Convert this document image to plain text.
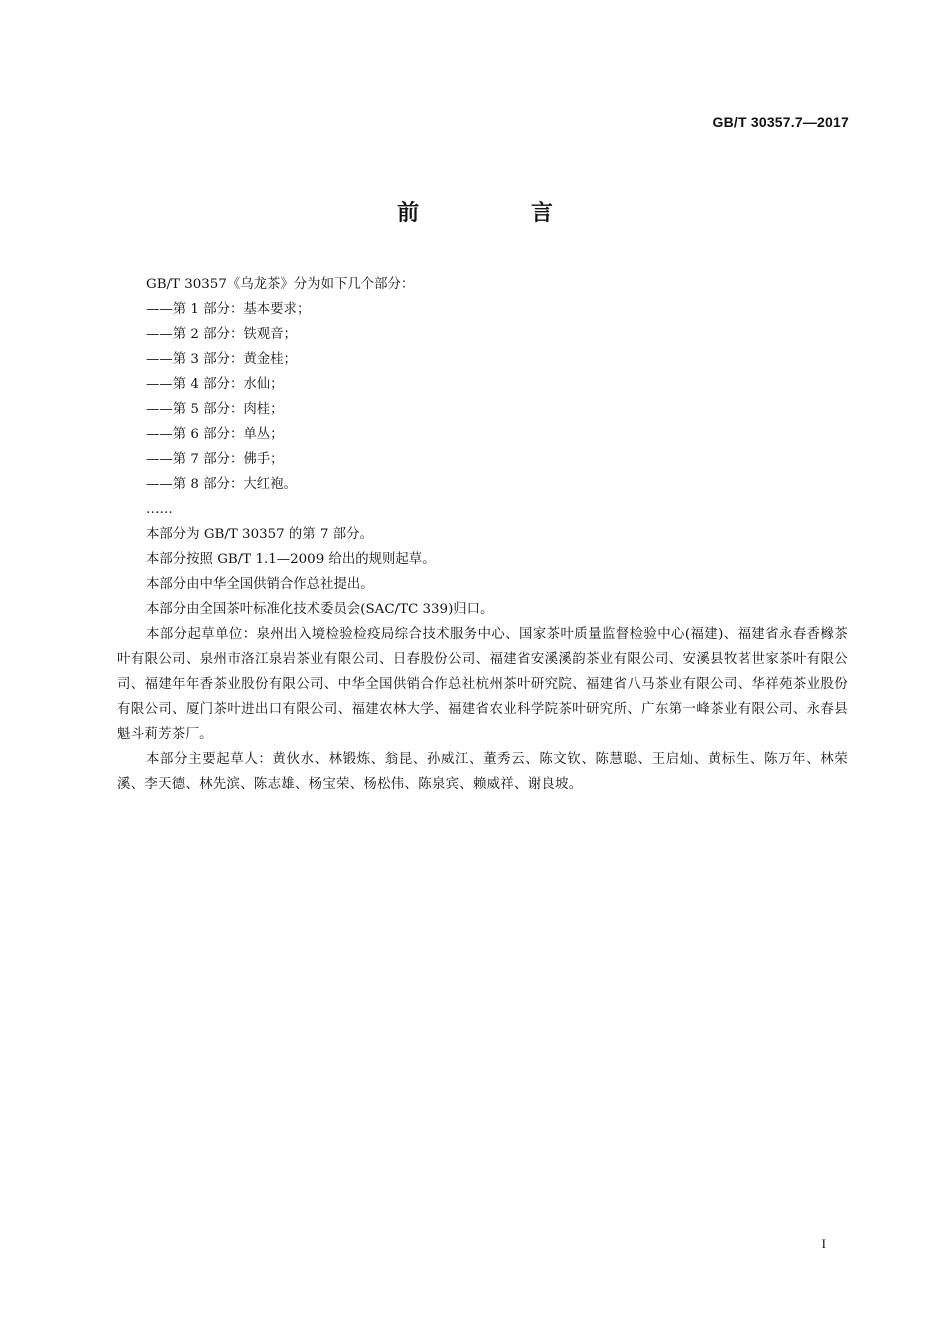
GB/T 30357.7—2017
前 言

GB/T 30357《乌龙茶》分为如下几个部分：

——第 1 部分：基本要求；

——第 2 部分：铁观音；

——第 3 部分：黄金桂；

——第 4 部分：水仙；

——第 5 部分：肉桂；

——第 6 部分：单丛；

——第 7 部分：佛手；

——第 8 部分：大红袍。

……

本部分为 GB/T 30357 的第 7 部分。

本部分按照 GB/T 1.1—2009 给出的规则起草。

本部分由中华全国供销合作总社提出。

本部分由全国茶叶标准化技术委员会(SAC/TC 339)归口。

本部分起草单位：泉州出入境检验检疫局综合技术服务中心、国家茶叶质量监督检验中心(福建)、福建省永春香橼茶叶有限公司、泉州市洛江泉岩茶业有限公司、日春股份公司、福建省安溪溪韵茶业有限公司、安溪县牧茗世家茶叶有限公司、福建年年香茶业股份有限公司、中华全国供销合作总社杭州茶叶研究院、福建省八马茶业有限公司、华祥苑茶业股份有限公司、厦门茶叶进出口有限公司、福建农林大学、福建省农业科学院茶叶研究所、广东第一峰茶业有限公司、永春县魁斗莉芳茶厂。

本部分主要起草人：黄伙水、林锻炼、翁昆、孙威江、董秀云、陈文钦、陈慧聪、王启灿、黄标生、陈万年、林荣溪、李天德、林先滨、陈志雄、杨宝荣、杨松伟、陈泉宾、赖威祥、谢良坡。

I
